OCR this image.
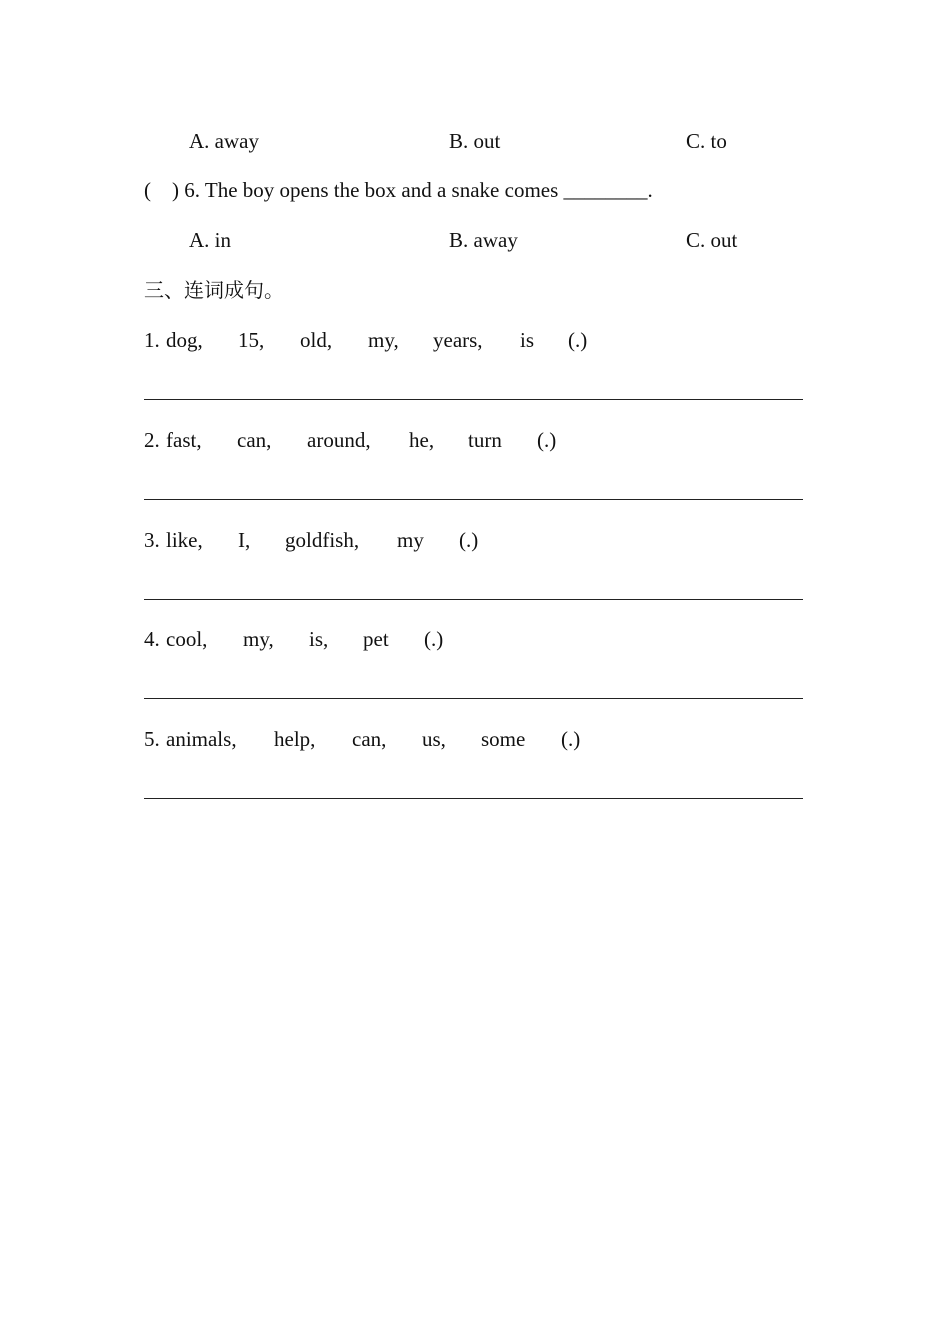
A. away	B. out	C. to
( ) 6. The boy opens the box and a snake comes ________.
A. in	B. away	C. out
三、连词成句。
1. dog, 15, old, my, years, is (.)
2. fast, can, around, he, turn (.)
3. like, I, goldfish, my (.)
4. cool, my, is, pet (.)
5. animals, help, can, us, some (.)
